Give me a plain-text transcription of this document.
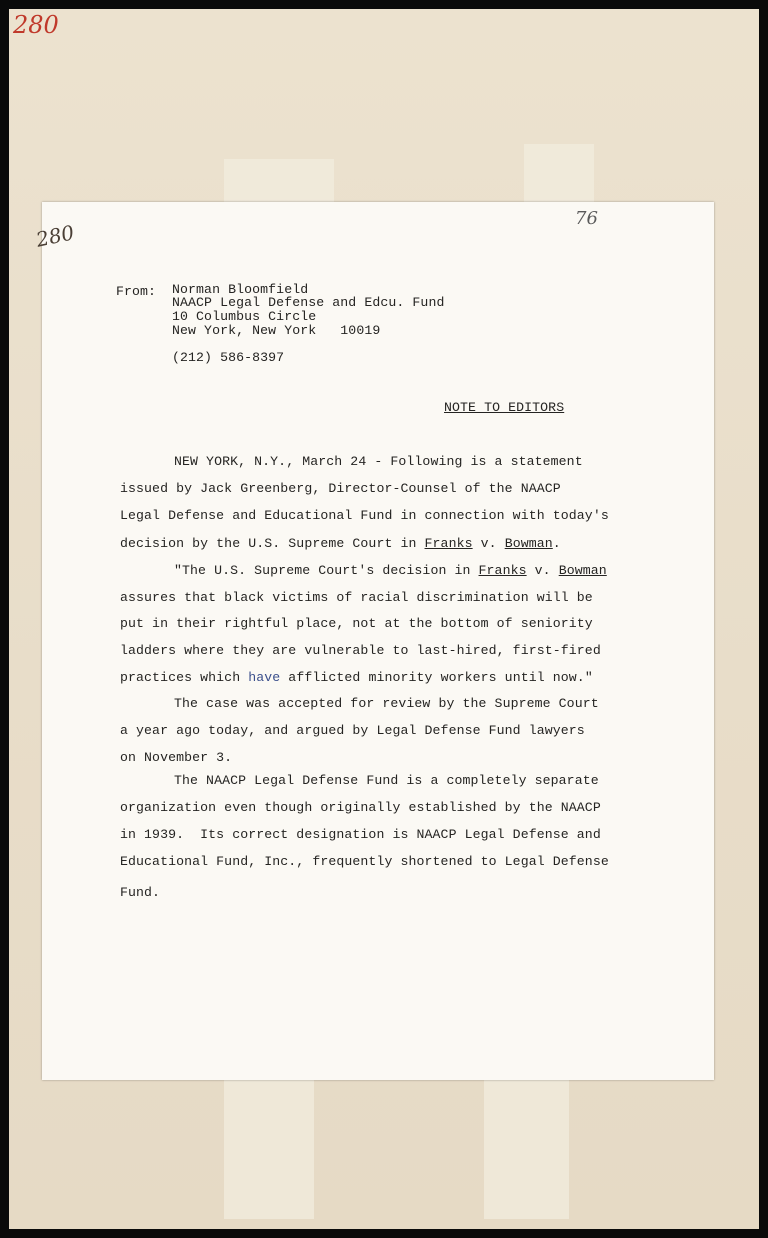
280
280
76
From: Norman Bloomfield
NAACP Legal Defense and Edcu. Fund
10 Columbus Circle
New York, New York   10019
(212) 586-8397
NOTE TO EDITORS
NEW YORK, N.Y., March 24 - Following is a statement
issued by Jack Greenberg, Director-Counsel of the NAACP
Legal Defense and Educational Fund in connection with today's
decision by the U.S. Supreme Court in Franks v. Bowman.
"The U.S. Supreme Court's decision in Franks v. Bowman
assures that black victims of racial discrimination will be
put in their rightful place, not at the bottom of seniority
ladders where they are vulnerable to last-hired, first-fired
practices which have afflicted minority workers until now."
The case was accepted for review by the Supreme Court
a year ago today, and argued by Legal Defense Fund lawyers
on November 3.
The NAACP Legal Defense Fund is a completely separate
organization even though originally established by the NAACP
in 1939.  Its correct designation is NAACP Legal Defense and
Educational Fund, Inc., frequently shortened to Legal Defense
Fund.
